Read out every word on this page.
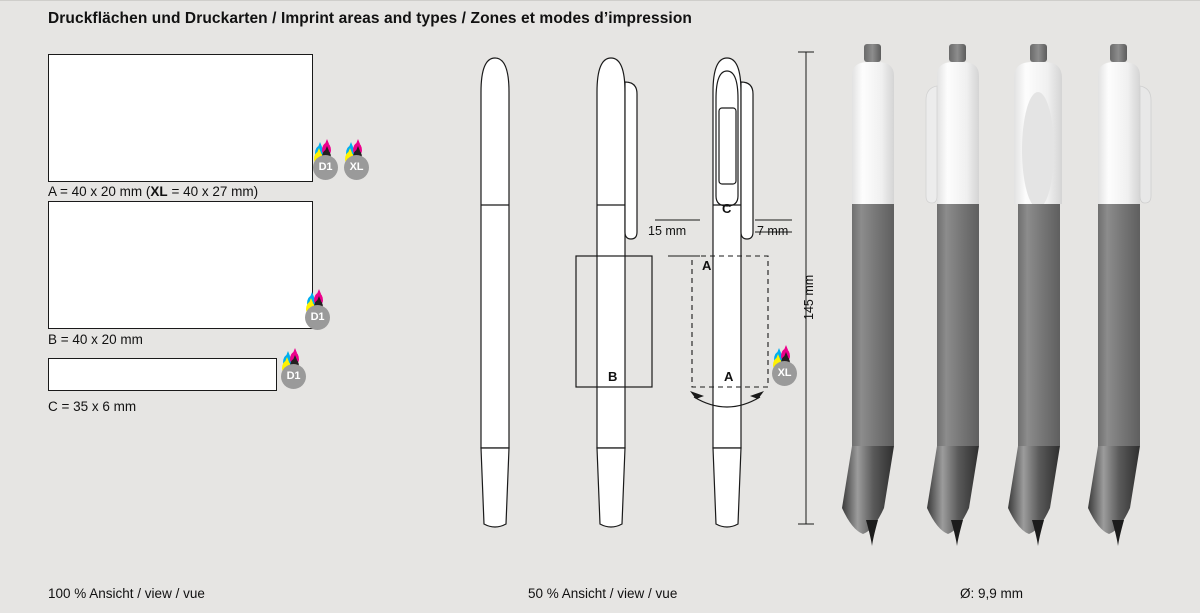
Druckflächen und Druckarten / Imprint areas and types / Zones et modes d’impression
A = 40 x 20 mm (XL = 40 x 27 mm)
D1	XL
B = 40 x 20 mm
D1
C = 35 x 6 mm
D1
15 mm	7 mm
145 mm
C
A
B	A	XL
100 % Ansicht / view / vue	50 % Ansicht / view / vue	Ø: 9,9 mm
